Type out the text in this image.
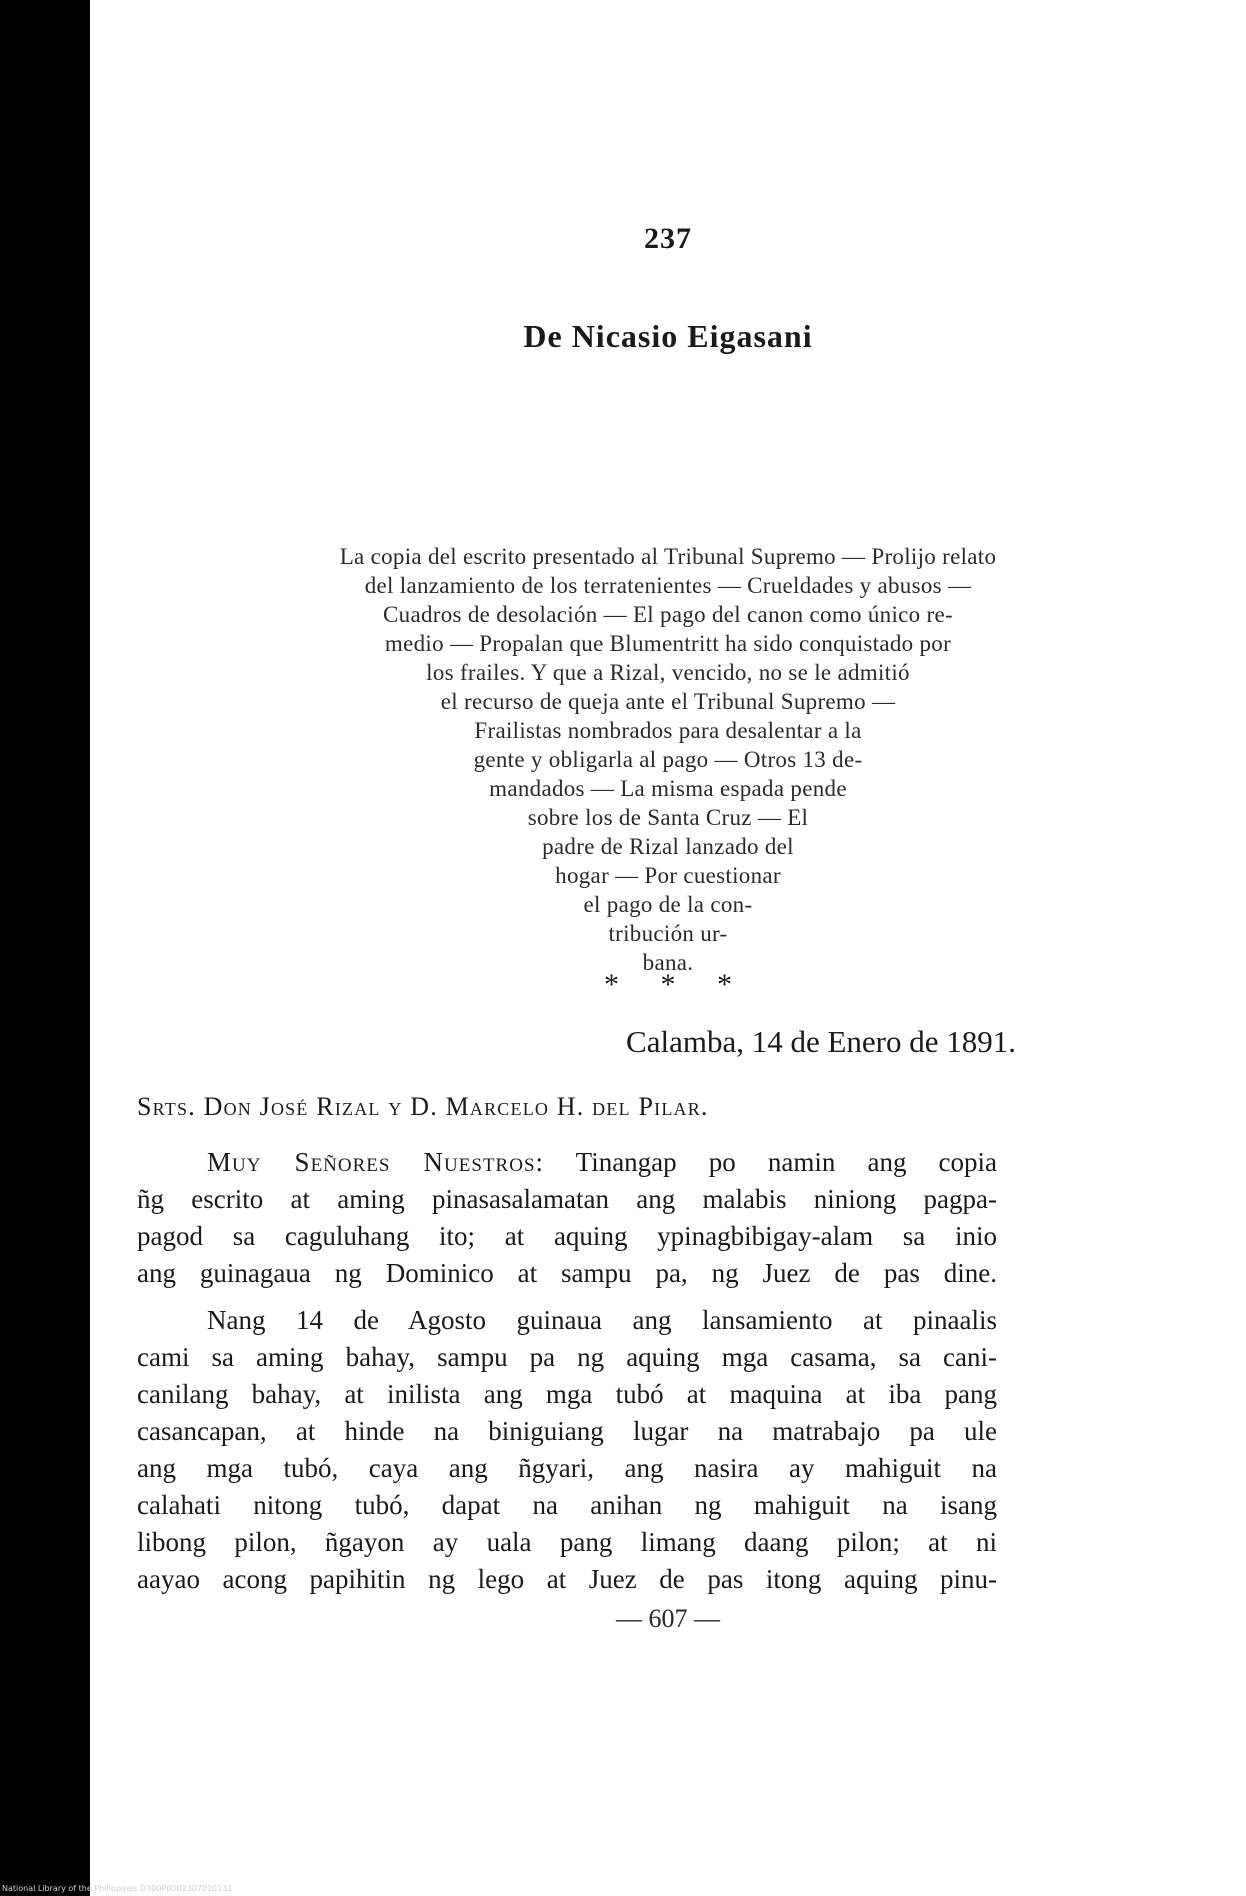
237
De Nicasio Eigasani
La copia del escrito presentado al Tribunal Supremo — Prolijo relato
del lanzamiento de los terratenientes — Crueldades y abusos —
Cuadros de desolación — El pago del canon como único re-
medio — Propalan que Blumentritt ha sido conquistado por
los frailes. Y que a Rizal, vencido, no se le admitió
el recurso de queja ante el Tribunal Supremo —
Frailistas nombrados para desalentar a la
gente y obligarla al pago — Otros 13 de-
mandados — La misma espada pende
sobre los de Santa Cruz — El
padre de Rizal lanzado del
hogar — Por cuestionar
el pago de la con-
tribución ur-
bana.
* * *
Calamba, 14 de Enero de 1891.
Srts. Don José Rizal y D. Marcelo H. del Pilar.
Muy Señores Nuestros: Tinangap po namin ang copia
ñg escrito at aming pinasasalamatan ang malabis niniong pagpa-
pagod sa caguluhang ito; at aquing ypinagbibigay-alam sa inio
ang guinagaua ng Dominico at sampu pa, ng Juez de pas dine.
Nang 14 de Agosto guinaua ang lansamiento at pinaalis
cami sa aming bahay, sampu pa ng aquing mga casama, sa cani-
canilang bahay, at inilista ang mga tubó at maquina at iba pang
casancapan, at hinde na biniguiang lugar na matrabajo pa ule
ang mga tubó, caya ang ñgyari, ang nasira ay mahiguit na
calahati nitong tubó, dapat na anihan ng mahiguit na isang
libong pilon, ñgayon ay uala pang limang daang pilon; at ni
aayao acong papihitin ng lego at Juez de pas itong aquing pinu-
— 607 —
National Library of the Philippines D300P0002307010131
